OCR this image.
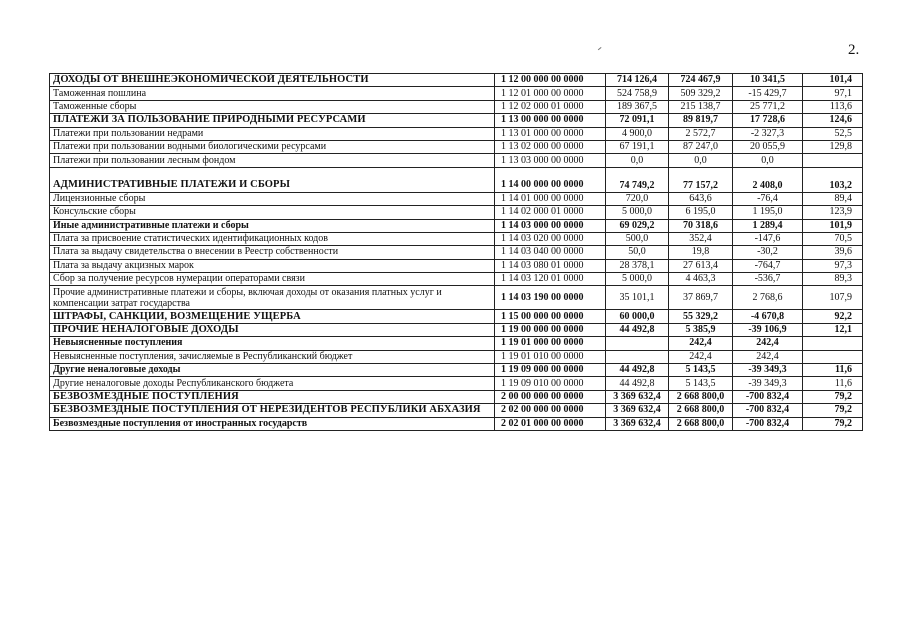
2.
ДОХОДЫ ОТ ВНЕШНЕЭКОНОМИЧЕСКОЙ ДЕЯТЕЛЬНОСТИ	1 12 00 000 00 0000	714 126,4	724 467,9	10 341,5	101,4
Таможенная пошлина	1 12 01 000 00 0000	524 758,9	509 329,2	-15 429,7	97,1
Таможенные сборы	1 12 02 000 01 0000	189 367,5	215 138,7	25 771,2	113,6
ПЛАТЕЖИ ЗА ПОЛЬЗОВАНИЕ ПРИРОДНЫМИ РЕСУРСАМИ	1 13 00 000 00 0000	72 091,1	89 819,7	17 728,6	124,6
Платежи при пользовании недрами	1 13 01 000 00 0000	4 900,0	2 572,7	-2 327,3	52,5
Платежи при пользовании водными биологическими ресурсами	1 13 02 000 00 0000	67 191,1	87 247,0	20 055,9	129,8
Платежи при пользовании лесным фондом	1 13 03 000 00 0000	0,0	0,0	0,0	
АДМИНИСТРАТИВНЫЕ ПЛАТЕЖИ И СБОРЫ	1 14 00 000 00 0000	74 749,2	77 157,2	2 408,0	103,2
Лицензионные сборы	1 14 01 000 00 0000	720,0	643,6	-76,4	89,4
Консульские сборы	1 14 02 000 01 0000	5 000,0	6 195,0	1 195,0	123,9
Иные административные платежи и сборы	1 14 03 000 00 0000	69 029,2	70 318,6	1 289,4	101,9
Плата за присвоение статистических идентификационных кодов	1 14 03 020 00 0000	500,0	352,4	-147,6	70,5
Плата за выдачу свидетельства о внесении в Реестр собственности	1 14 03 040 00 0000	50,0	19,8	-30,2	39,6
Плата за выдачу акцизных марок	1 14 03 080 01 0000	28 378,1	27 613,4	-764,7	97,3
Сбор за получение ресурсов нумерации операторами связи	1 14 03 120 01 0000	5 000,0	4 463,3	-536,7	89,3
Прочие административные платежи и сборы, включая доходы от оказания платных услуг и компенсации затрат государства	1 14 03 190 00 0000	35 101,1	37 869,7	2 768,6	107,9
ШТРАФЫ, САНКЦИИ, ВОЗМЕЩЕНИЕ УЩЕРБА	1 15 00 000 00 0000	60 000,0	55 329,2	-4 670,8	92,2
ПРОЧИЕ НЕНАЛОГОВЫЕ ДОХОДЫ	1 19 00 000 00 0000	44 492,8	5 385,9	-39 106,9	12,1
Невыясненные поступления	1 19 01 000 00 0000		242,4	242,4	
Невыясненные поступления, зачисляемые в Республиканский бюджет	1 19 01 010 00 0000		242,4	242,4	
Другие неналоговые доходы	1 19 09 000 00 0000	44 492,8	5 143,5	-39 349,3	11,6
Другие неналоговые доходы Республиканского бюджета	1 19 09 010 00 0000	44 492,8	5 143,5	-39 349,3	11,6
БЕЗВОЗМЕЗДНЫЕ ПОСТУПЛЕНИЯ	2 00 00 000 00 0000	3 369 632,4	2 668 800,0	-700 832,4	79,2
БЕЗВОЗМЕЗДНЫЕ ПОСТУПЛЕНИЯ ОТ НЕРЕЗИДЕНТОВ РЕСПУБЛИКИ АБХАЗИЯ	2 02 00 000 00 0000	3 369 632,4	2 668 800,0	-700 832,4	79,2
Безвозмездные поступления от иностранных государств	2 02 01 000 00 0000	3 369 632,4	2 668 800,0	-700 832,4	79,2
